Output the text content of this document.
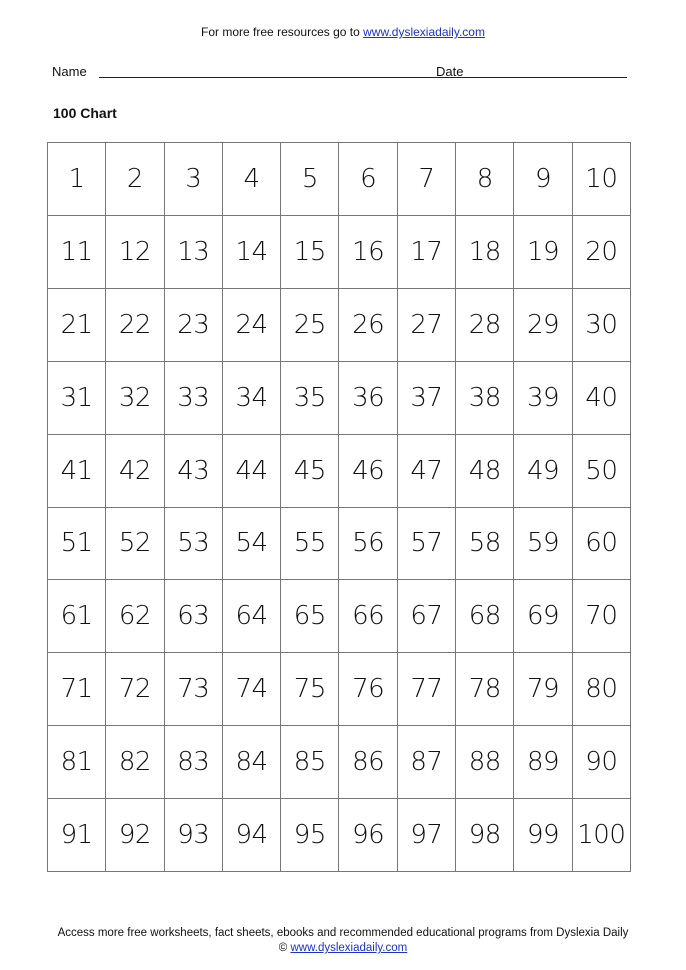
For more free resources go to www.dyslexiadaily.com
Name	Date
100 Chart
1	2	3	4	5	6	7	8	9	10
11	12	13	14	15	16	17	18	19	20
21	22	23	24	25	26	27	28	29	30
31	32	33	34	35	36	37	38	39	40
41	42	43	44	45	46	47	48	49	50
51	52	53	54	55	56	57	58	59	60
61	62	63	64	65	66	67	68	69	70
71	72	73	74	75	76	77	78	79	80
81	82	83	84	85	86	87	88	89	90
91	92	93	94	95	96	97	98	99 100
Access more free worksheets, fact sheets, ebooks and recommended educational programs from Dyslexia Daily
© www.dyslexiadaily.com
